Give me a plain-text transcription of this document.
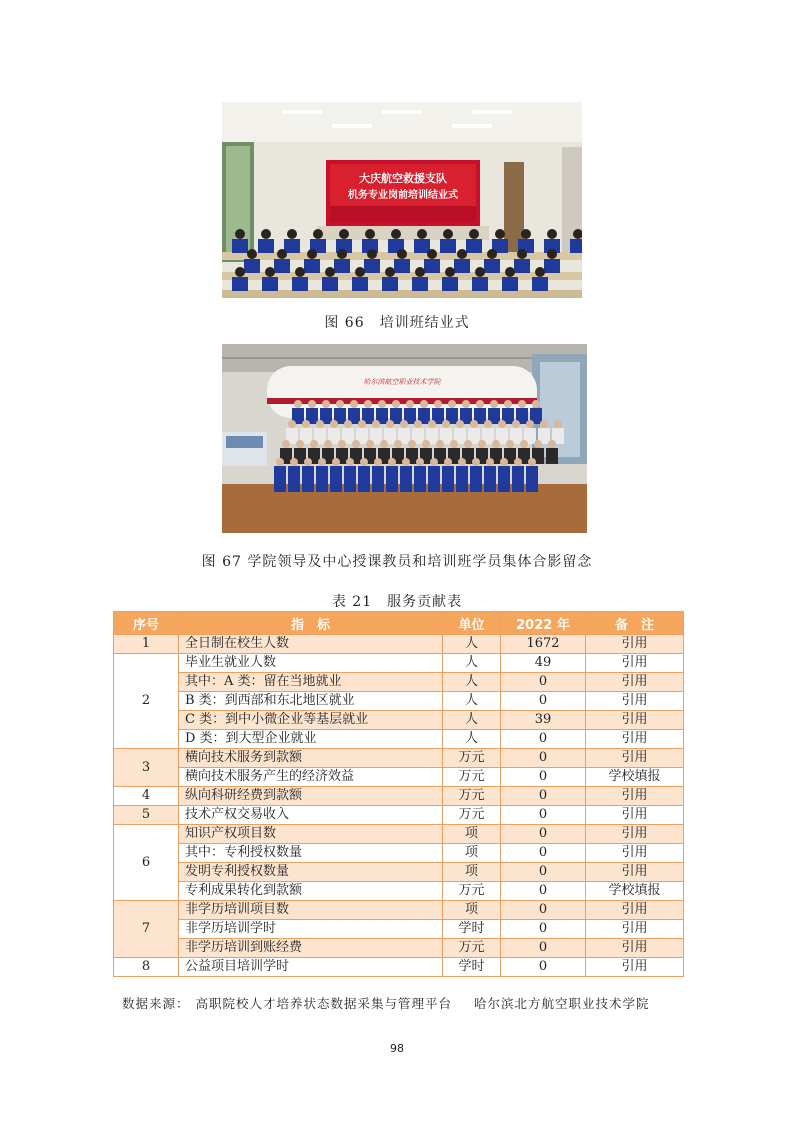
大庆航空救援支队
机务专业岗前培训结业式
图 66　培训班结业式
哈尔滨航空职业技术学院
图 67 学院领导及中心授课教员和培训班学员集体合影留念
表 21　服务贡献表
序号	指　标	单位	2022 年	备　注
1	全日制在校生人数	人	1672	引用
2	毕业生就业人数	人	49	引用
	其中：A 类：留在当地就业	人	0	引用
	B 类：到西部和东北地区就业	人	0	引用
	C 类：到中小微企业等基层就业	人	39	引用
	D 类：到大型企业就业	人	0	引用
3	横向技术服务到款额	万元	0	引用
	横向技术服务产生的经济效益	万元	0	学校填报
4	纵向科研经费到款额	万元	0	引用
5	技术产权交易收入	万元	0	引用
6	知识产权项目数	项	0	引用
	其中：专利授权数量	项	0	引用
	发明专利授权数量	项	0	引用
	专利成果转化到款额	万元	0	学校填报
7	非学历培训项目数	项	0	引用
	非学历培训学时	学时	0	引用
	非学历培训到账经费	万元	0	引用
8	公益项目培训学时	学时	0	引用
数据来源： 高职院校人才培养状态数据采集与管理平台 哈尔滨北方航空职业技术学院
98
